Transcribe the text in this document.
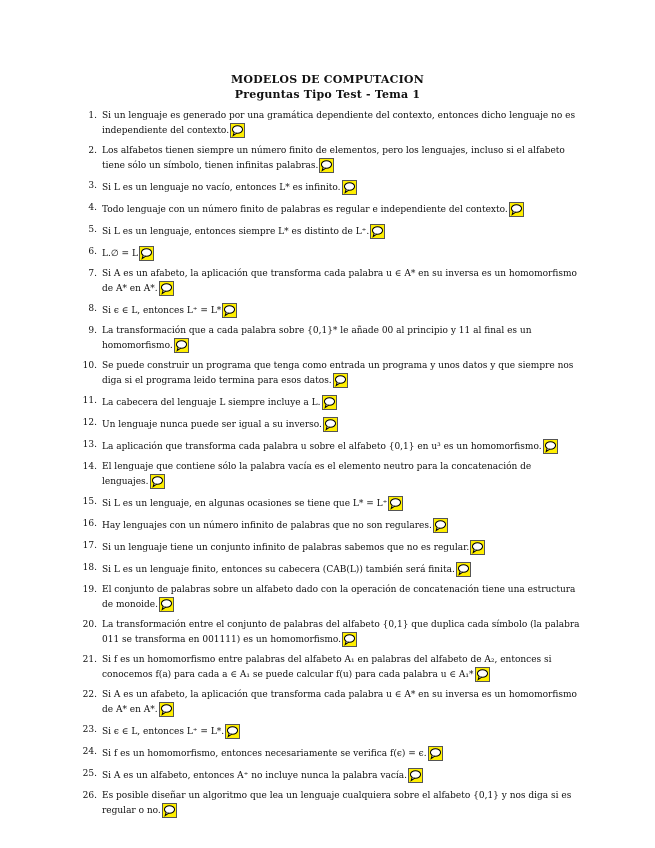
MODELOS DE COMPUTACION
Preguntas Tipo Test - Tema 1
1. Si un lenguaje es generado por una gramática dependiente del contexto, entonces dicho lenguaje no es independiente del contexto.
2. Los alfabetos tienen siempre un número finito de elementos, pero los lenguajes, incluso si el alfabeto tiene sólo un símbolo, tienen infinitas palabras.
3. Si L es un lenguaje no vacío, entonces L* es infinito.
4. Todo lenguaje con un número finito de palabras es regular e independiente del contexto.
5. Si L es un lenguaje, entonces siempre L* es distinto de L⁺.
6. L.∅ = L
7. Si A es un afabeto, la aplicación que transforma cada palabra u ∈ A* en su inversa es un homomorfismo de A* en A*.
8. Si ϵ ∈ L, entonces L⁺ = L*
9. La transformación que a cada palabra sobre {0,1}* le añade 00 al principio y 11 al final es un homomorfismo.
10. Se puede construir un programa que tenga como entrada un programa y unos datos y que siempre nos diga si el programa leido termina para esos datos.
11. La cabecera del lenguaje L siempre incluye a L.
12. Un lenguaje nunca puede ser igual a su inverso.
13. La aplicación que transforma cada palabra u sobre el alfabeto {0,1} en u³ es un homomorfismo.
14. El lenguaje que contiene sólo la palabra vacía es el elemento neutro para la concatenación de lenguajes.
15. Si L es un lenguaje, en algunas ocasiones se tiene que L* = L⁺
16. Hay lenguajes con un número infinito de palabras que no son regulares.
17. Si un lenguaje tiene un conjunto infinito de palabras sabemos que no es regular.
18. Si L es un lenguaje finito, entonces su cabecera (CAB(L)) también será finita.
19. El conjunto de palabras sobre un alfabeto dado con la operación de concatenación tiene una estructura de monoide.
20. La transformación entre el conjunto de palabras del alfabeto {0,1} que duplica cada símbolo (la palabra 011 se transforma en 001111) es un homomorfismo.
21. Si f es un homomorfismo entre palabras del alfabeto A₁ en palabras del alfabeto de A₂, entonces si conocemos f(a) para cada a ∈ A₁ se puede calcular f(u) para cada palabra u ∈ A₁*
22. Si A es un afabeto, la aplicación que transforma cada palabra u ∈ A* en su inversa es un homomorfismo de A* en A*.
23. Si ϵ ∈ L, entonces L⁺ = L*.
24. Si f es un homomorfismo, entonces necesariamente se verifica f(ϵ) = ϵ.
25. Si A es un alfabeto, entonces A⁺ no incluye nunca la palabra vacía.
26. Es posible diseñar un algoritmo que lea un lenguaje cualquiera sobre el alfabeto {0,1} y nos diga si es regular o no.
